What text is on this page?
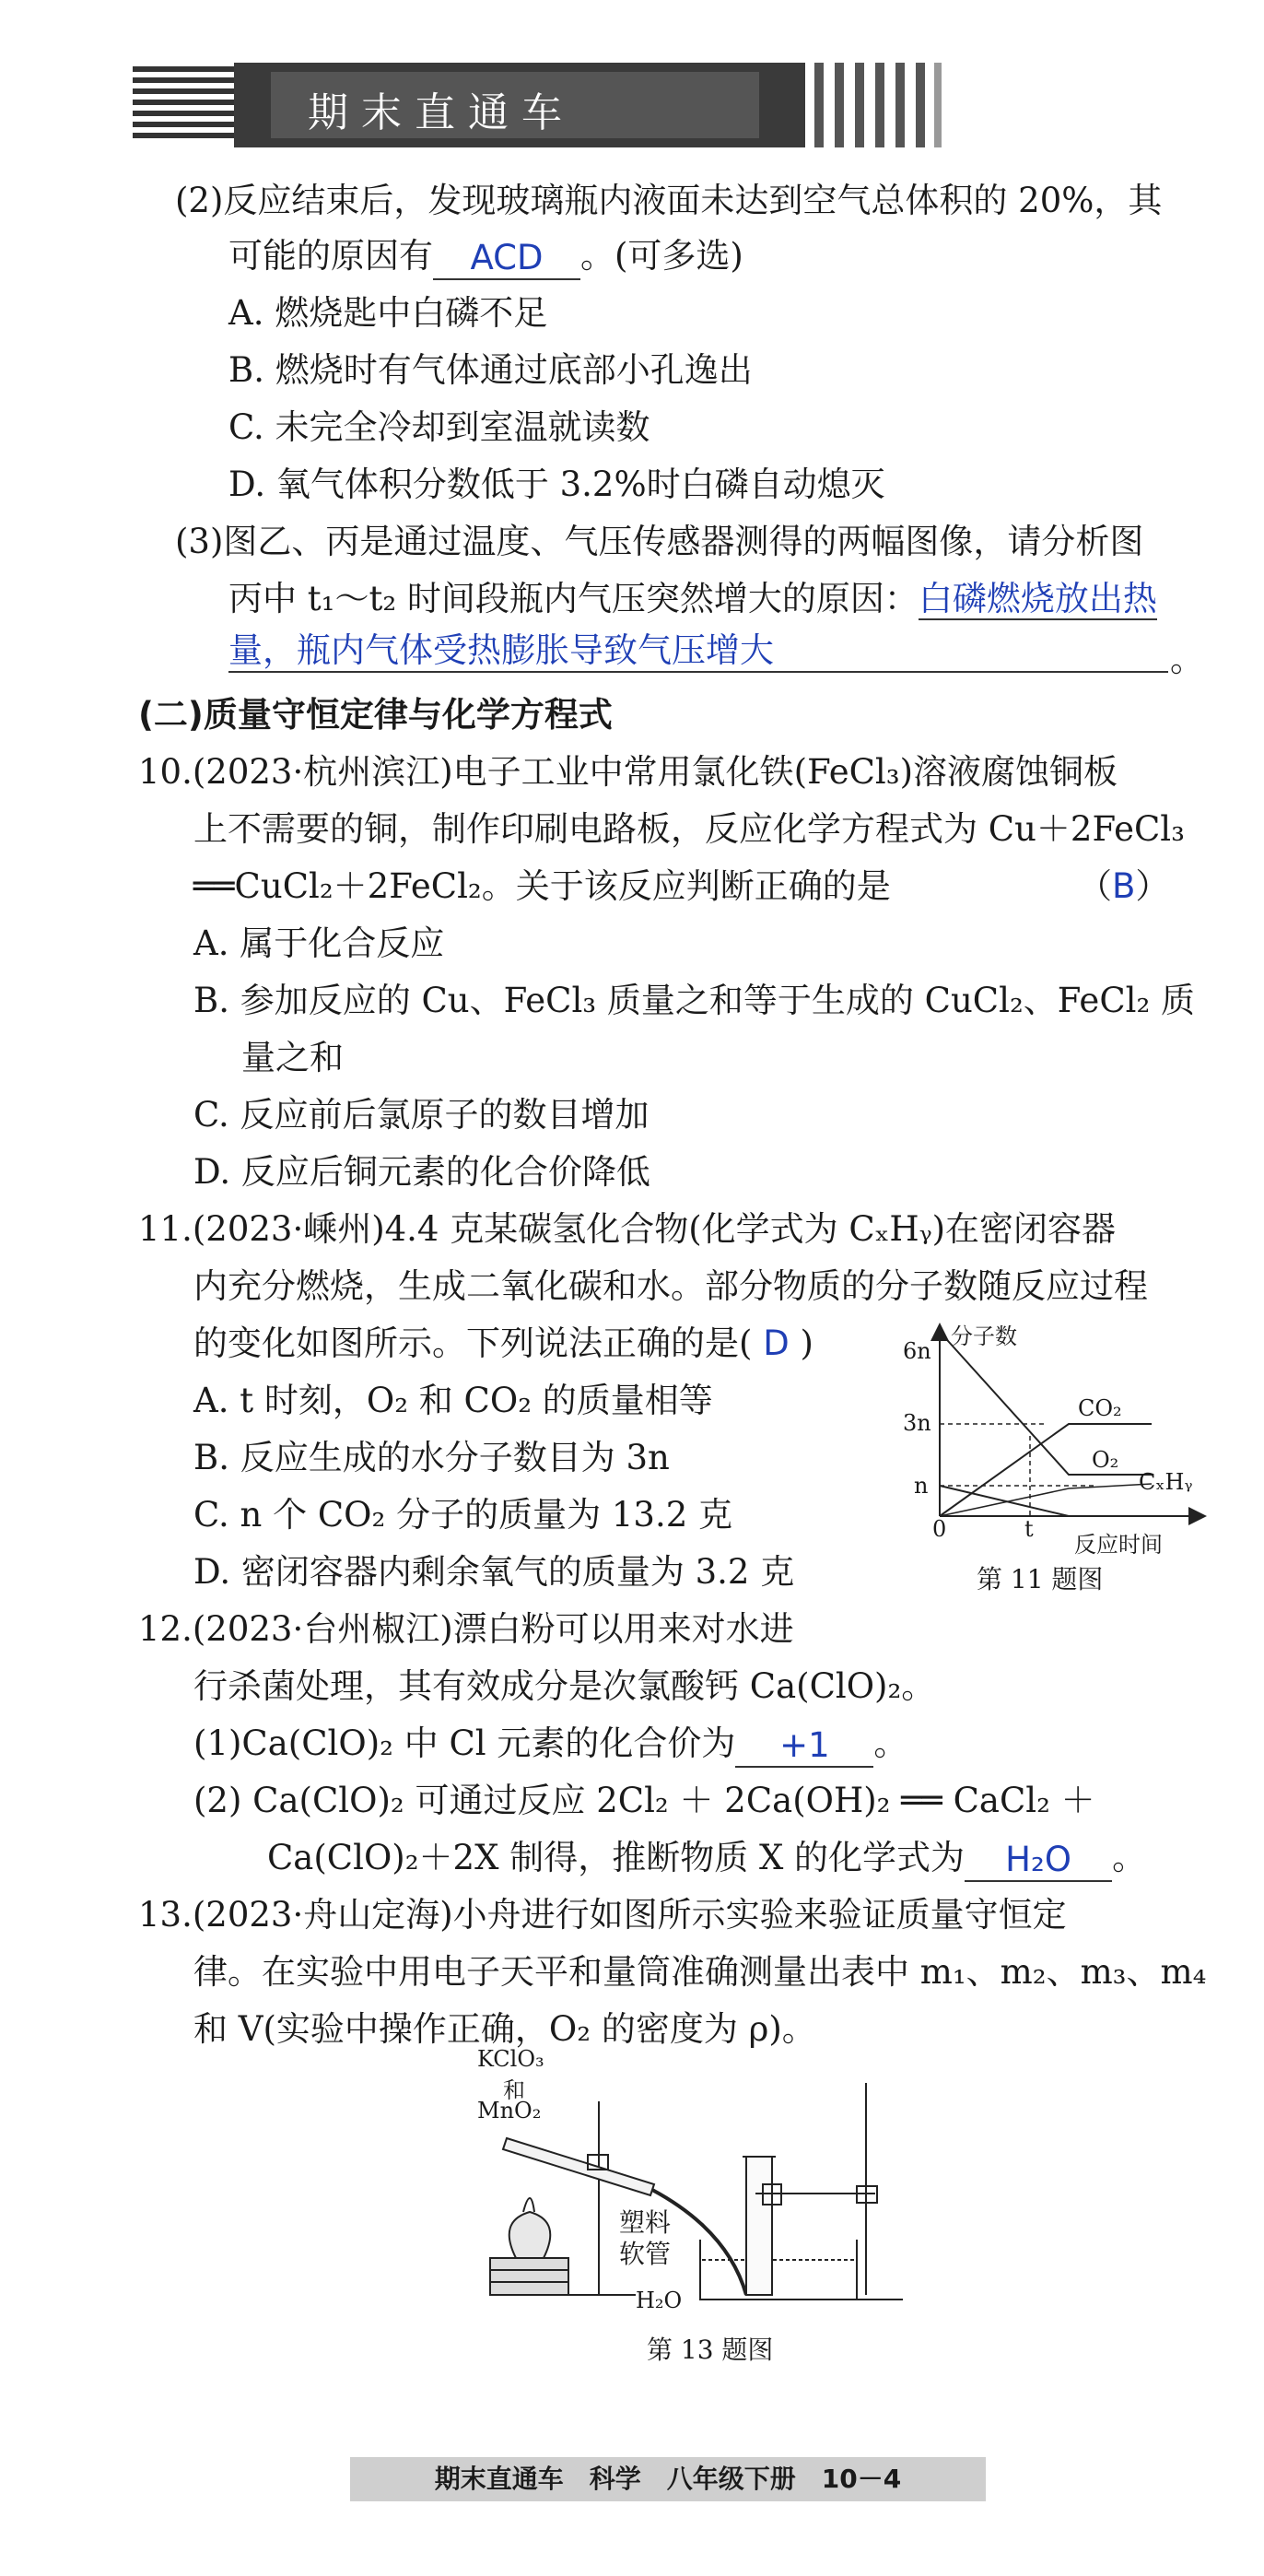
期末直通车
(2)反应结束后，发现玻璃瓶内液面未达到空气总体积的 20%，其
可能的原因有 ACD 。(可多选)
A. 燃烧匙中白磷不足
B. 燃烧时有气体通过底部小孔逸出
C. 未完全冷却到室温就读数
D. 氧气体积分数低于 3.2%时白磷自动熄灭
(3)图乙、丙是通过温度、气压传感器测得的两幅图像，请分析图
丙中 t₁～t₂ 时间段瓶内气压突然增大的原因：白磷燃烧放出热
量，瓶内气体受热膨胀导致气压增大	。
(二)质量守恒定律与化学方程式
10.(2023·杭州滨江)电子工业中常用氯化铁(FeCl₃)溶液腐蚀铜板
上不需要的铜，制作印刷电路板，反应化学方程式为 Cu＋2FeCl₃
══CuCl₂＋2FeCl₂。关于该反应判断正确的是	（B）
A. 属于化合反应
B. 参加反应的 Cu、FeCl₃ 质量之和等于生成的 CuCl₂、FeCl₂ 质
量之和
C. 反应前后氯原子的数目增加
D. 反应后铜元素的化合价降低
11.(2023·嵊州)4.4 克某碳氢化合物(化学式为 CₓHᵧ)在密闭容器
内充分燃烧，生成二氧化碳和水。部分物质的分子数随反应过程
的变化如图所示。下列说法正确的是( D )
A. t 时刻，O₂ 和 CO₂ 的质量相等
B. 反应生成的水分子数目为 3n
C. n 个 CO₂ 分子的质量为 13.2 克
D. 密闭容器内剩余氧气的质量为 3.2 克
分子数
6n
3n
n
0	t
反应时间
CO₂
O₂
CₓHᵧ
第 11 题图
12.(2023·台州椒江)漂白粉可以用来对水进
行杀菌处理，其有效成分是次氯酸钙 Ca(ClO)₂。
(1)Ca(ClO)₂ 中 Cl 元素的化合价为 +1 。
(2) Ca(ClO)₂ 可通过反应 2Cl₂ ＋ 2Ca(OH)₂ ══ CaCl₂ ＋
Ca(ClO)₂＋2X 制得，推断物质 X 的化学式为 H₂O 。
13.(2023·舟山定海)小舟进行如图所示实验来验证质量守恒定
律。在实验中用电子天平和量筒准确测量出表中 m₁、m₂、m₃、m₄
和 V(实验中操作正确，O₂ 的密度为 ρ)。
KClO₃
和
MnO₂
塑料
软管
H₂O
第 13 题图
期末直通车　科学　八年级下册　10－4
